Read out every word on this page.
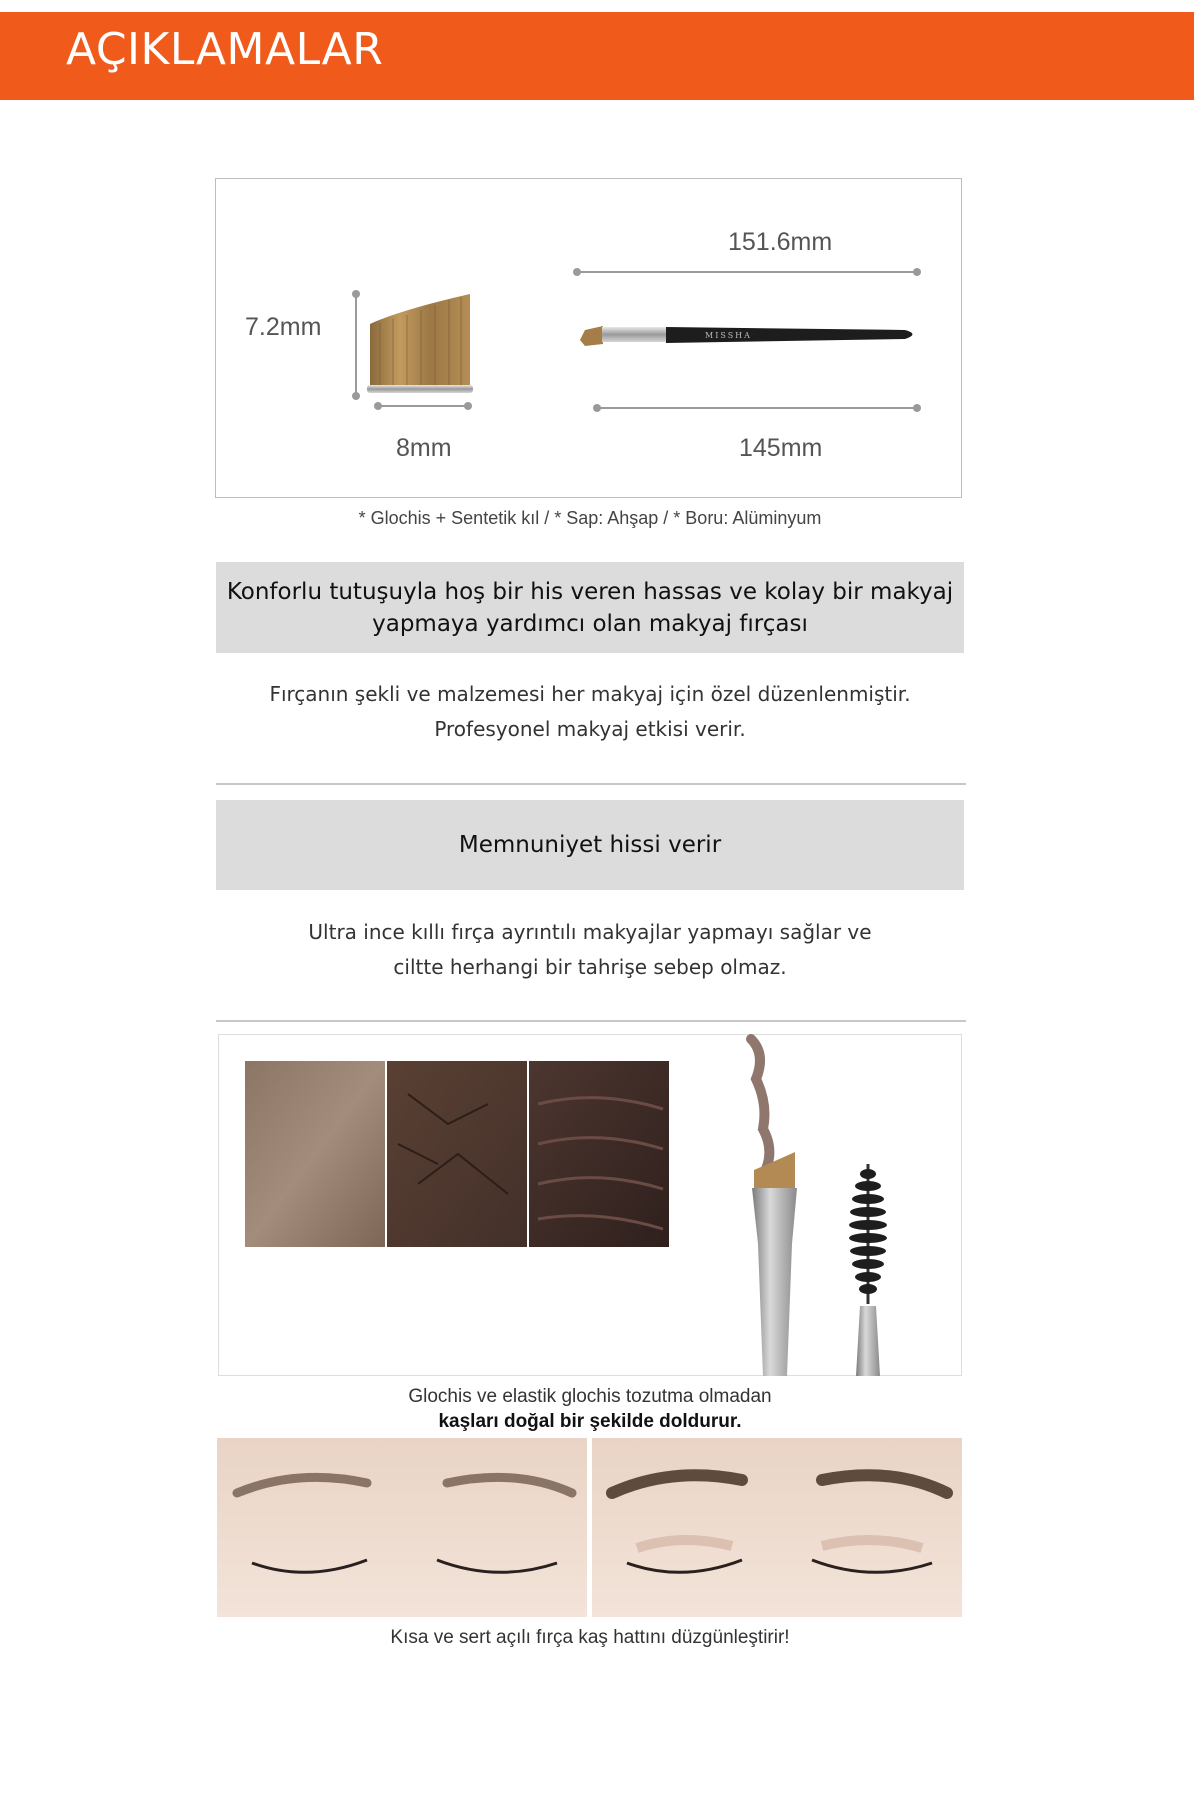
AÇIKLAMALAR
7.2mm
8mm
151.6mm
145mm
MISSHA
* Glochis + Sentetik kıl / * Sap: Ahşap / * Boru: Alüminyum
Konforlu tutuşuyla hoş bir his veren hassas ve kolay bir makyaj
yapmaya yardımcı olan makyaj fırçası
Fırçanın şekli ve malzemesi her makyaj için özel düzenlenmiştir.
Profesyonel makyaj etkisi verir.
Memnuniyet hissi verir
Ultra ince kıllı fırça ayrıntılı makyajlar yapmayı sağlar ve
ciltte herhangi bir tahrişe sebep olmaz.
Glochis ve elastik glochis tozutma olmadan
kaşları doğal bir şekilde doldurur.
Kısa ve sert açılı fırça kaş hattını düzgünleştirir!
